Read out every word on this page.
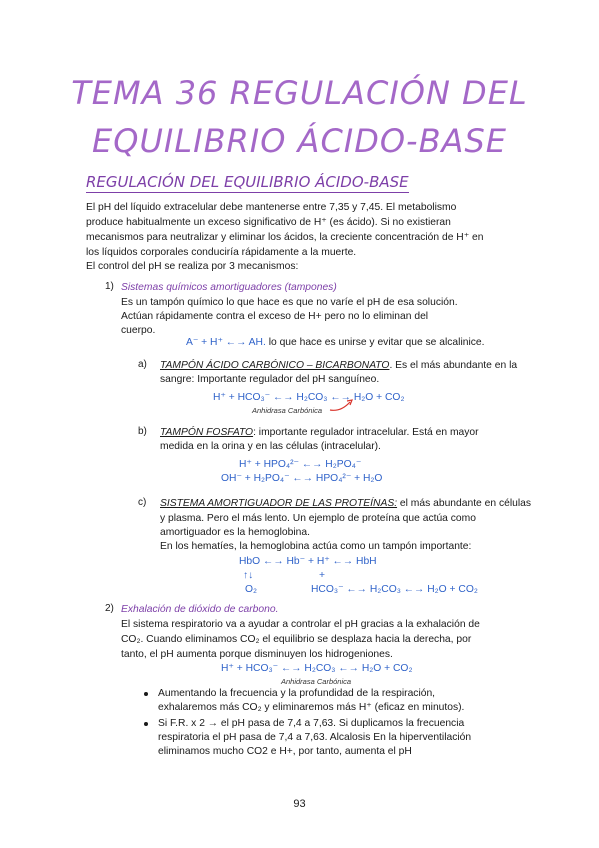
TEMA 36 REGULACIÓN DEL
EQUILIBRIO ÁCIDO-BASE
REGULACIÓN DEL EQUILIBRIO ÁCIDO-BASE
El pH del líquido extracelular debe mantenerse entre 7,35 y 7,45. El metabolismo
produce habitualmente un exceso significativo de H⁺ (es ácido). Si no existieran
mecanismos para neutralizar y eliminar los ácidos, la creciente concentración de H⁺ en
los líquidos corporales conduciría rápidamente a la muerte.
El control del pH se realiza por 3 mecanismos:
1) Sistemas químicos amortiguadores (tampones)
Es un tampón químico lo que hace es que no varíe el pH de esa solución.
Actúan rápidamente contra el exceso de H+ pero no lo eliminan del
cuerpo.
A⁻ + H⁺ ←→ AH. lo que hace es unirse y evitar que se alcalinice.
a) TAMPÓN ÁCIDO CARBÓNICO – BICARBONATO. Es el más abundante en la
sangre: Importante regulador del pH sanguíneo.
H⁺ + HCO₃⁻ ←→ H₂CO₃ ←→ H₂O + CO₂
Anhidrasa Carbónica
b) TAMPÓN FOSFATO: importante regulador intracelular. Está en mayor
medida en la orina y en las células (intracelular).
H⁺ + HPO₄²⁻ ←→ H₂PO₄⁻
OH⁻ + H₂PO₄⁻ ←→ HPO₄²⁻ + H₂O
c) SISTEMA AMORTIGUADOR DE LAS PROTEÍNAS: el más abundante en células
y plasma. Pero el más lento. Un ejemplo de proteína que actúa como
amortiguador es la hemoglobina.
En los hematíes, la hemoglobina actúa como un tampón importante:
HbO ←→ Hb⁻ + H⁺ ←→ HbH
↑↓	+
O₂	HCO₃⁻ ←→ H₂CO₃ ←→ H₂O + CO₂
2) Exhalación de dióxido de carbono.
El sistema respiratorio va a ayudar a controlar el pH gracias a la exhalación de
CO₂. Cuando eliminamos CO₂ el equilibrio se desplaza hacia la derecha, por
tanto, el pH aumenta porque disminuyen los hidrogeniones.
H⁺ + HCO₃⁻ ←→ H₂CO₃ ←→ H₂O + CO₂
Anhidrasa Carbónica
Aumentando la frecuencia y la profundidad de la respiración,
exhalaremos más CO₂ y eliminaremos más H⁺ (eficaz en minutos).
Si F.R. x 2 → el pH pasa de 7,4 a 7,63. Si duplicamos la frecuencia
respiratoria el pH pasa de 7,4 a 7,63. Alcalosis En la hiperventilación
eliminamos mucho CO2 e H+, por tanto, aumenta el pH
93
